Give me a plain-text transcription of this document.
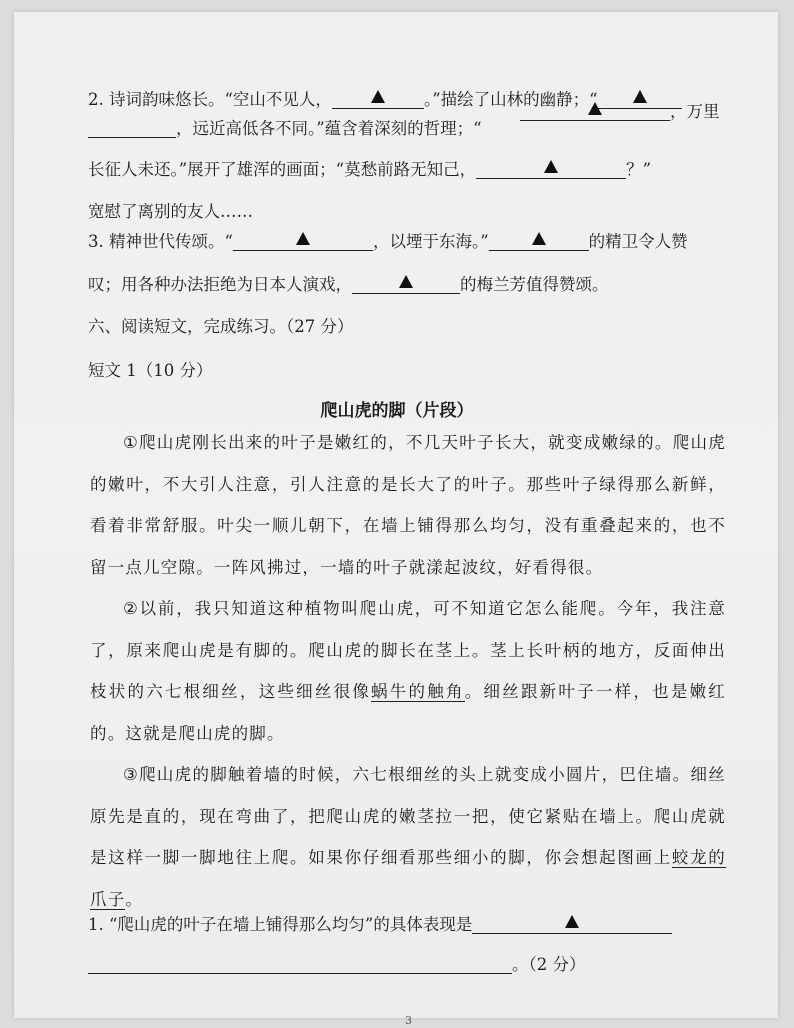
2. 诗词韵味悠长。“空山不见人，	。”描绘了山林的幽静；“
，万里
，远近高低各不同。”蕴含着深刻的哲理；“
长征人未还。”展开了雄浑的画面；“莫愁前路无知己，	？”
宽慰了离别的友人……
3. 精神世代传颂。“	，以堙于东海。”	的精卫令人赞
叹；用各种办法拒绝为日本人演戏，	的梅兰芳值得赞颂。
六、阅读短文，完成练习。（27 分）
短文 1（10 分）
爬山虎的脚（片段）

①爬山虎刚长出来的叶子是嫩红的，不几天叶子长大，就变成嫩绿的。爬山虎的嫩叶，不大引人注意，引人注意的是长大了的叶子。那些叶子绿得那么新鲜，看着非常舒服。叶尖一顺儿朝下，在墙上铺得那么均匀，没有重叠起来的，也不留一点儿空隙。一阵风拂过，一墙的叶子就漾起波纹，好看得很。

②以前，我只知道这种植物叫爬山虎，可不知道它怎么能爬。今年，我注意了，原来爬山虎是有脚的。爬山虎的脚长在茎上。茎上长叶柄的地方，反面伸出枝状的六七根细丝，这些细丝很像蜗牛的触角。细丝跟新叶子一样，也是嫩红的。这就是爬山虎的脚。

③爬山虎的脚触着墙的时候，六七根细丝的头上就变成小圆片，巴住墙。细丝原先是直的，现在弯曲了，把爬山虎的嫩茎拉一把，使它紧贴在墙上。爬山虎就是这样一脚一脚地往上爬。如果你仔细看那些细小的脚，你会想起图画上蛟龙的爪子。

1. “爬山虎的叶子在墙上铺得那么均匀”的具体表现是
。（2 分）
3
